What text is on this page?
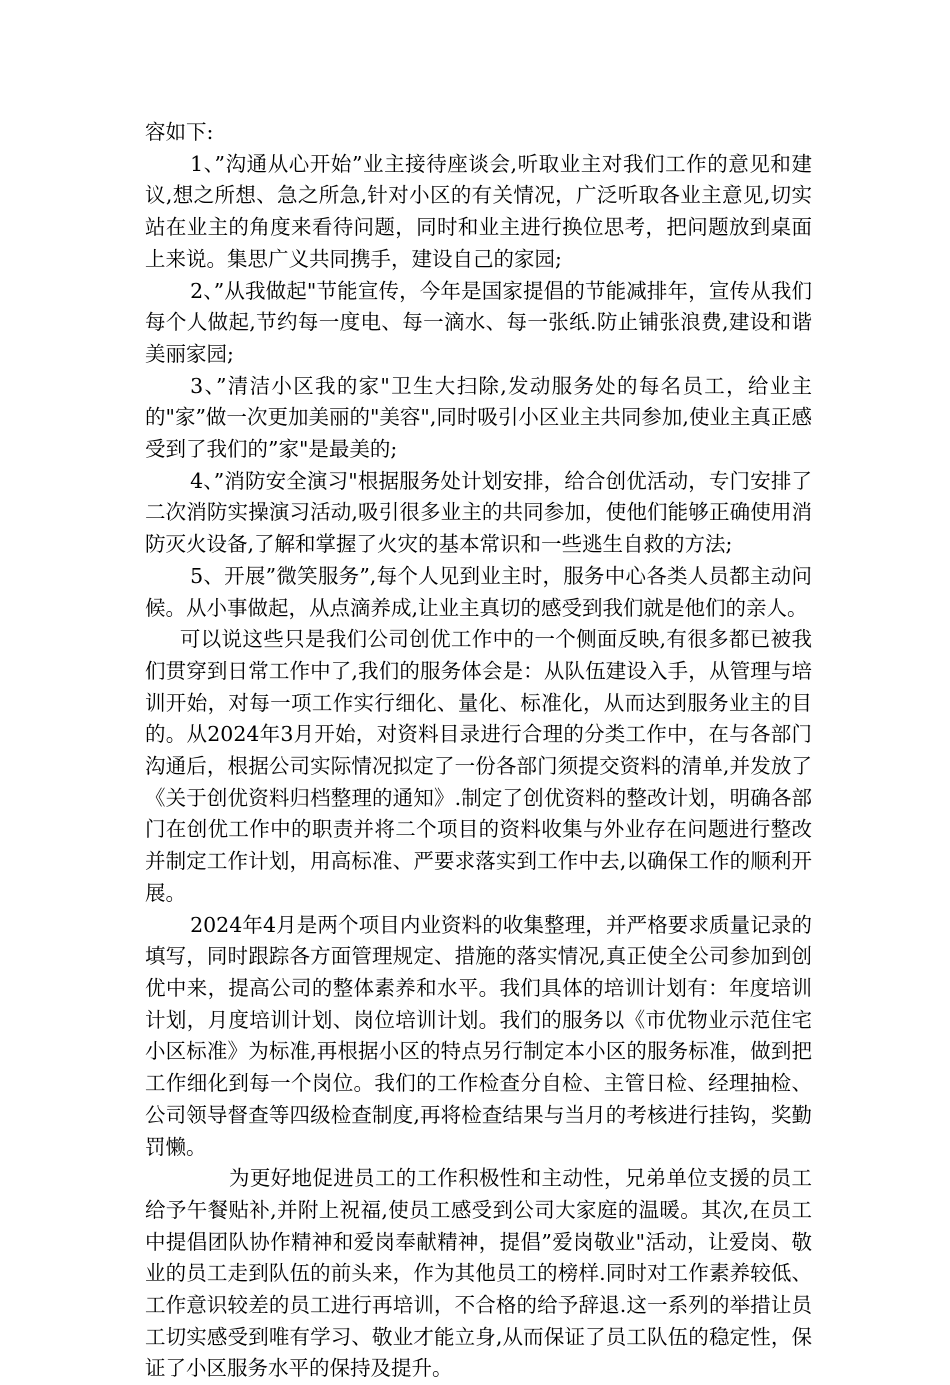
容如下:

1、”沟通从心开始”业主接待座谈会,听取业主对我们工作的意见和建议,想之所想、急之所急,针对小区的有关情况，广泛听取各业主意见,切实站在业主的角度来看待问题，同时和业主进行换位思考，把问题放到桌面上来说。集思广义共同携手，建设自己的家园;

2、”从我做起"节能宣传，今年是国家提倡的节能减排年，宣传从我们每个人做起,节约每一度电、每一滴水、每一张纸.防止铺张浪费,建设和谐美丽家园;

3、”清洁小区我的家"卫生大扫除,发动服务处的每名员工，给业主的"家”做一次更加美丽的"美容",同时吸引小区业主共同参加,使业主真正感受到了我们的”家"是最美的;

4、”消防安全演习"根据服务处计划安排，给合创优活动，专门安排了二次消防实操演习活动,吸引很多业主的共同参加，使他们能够正确使用消防灭火设备,了解和掌握了火灾的基本常识和一些逃生自救的方法;

5、开展”微笑服务”,每个人见到业主时，服务中心各类人员都主动问候。从小事做起，从点滴养成,让业主真切的感受到我们就是他们的亲人。

可以说这些只是我们公司创优工作中的一个侧面反映,有很多都已被我们贯穿到日常工作中了,我们的服务体会是：从队伍建设入手，从管理与培训开始，对每一项工作实行细化、量化、标准化，从而达到服务业主的目的。从2024年3月开始，对资料目录进行合理的分类工作中，在与各部门沟通后，根据公司实际情况拟定了一份各部门须提交资料的清单,并发放了《关于创优资料归档整理的通知》.制定了创优资料的整改计划，明确各部门在创优工作中的职责并将二个项目的资料收集与外业存在问题进行整改并制定工作计划，用高标准、严要求落实到工作中去,以确保工作的顺利开展。

2024年4月是两个项目内业资料的收集整理，并严格要求质量记录的填写，同时跟踪各方面管理规定、措施的落实情况,真正使全公司参加到创优中来，提高公司的整体素养和水平。我们具体的培训计划有：年度培训计划，月度培训计划、岗位培训计划。我们的服务以《市优物业示范住宅小区标准》为标准,再根据小区的特点另行制定本小区的服务标准，做到把工作细化到每一个岗位。我们的工作检查分自检、主管日检、经理抽检、公司领导督查等四级检查制度,再将检查结果与当月的考核进行挂钩，奖勤罚懒。

为更好地促进员工的工作积极性和主动性，兄弟单位支援的员工给予午餐贴补,并附上祝福,使员工感受到公司大家庭的温暖。其次,在员工中提倡团队协作精神和爱岗奉献精神，提倡”爱岗敬业"活动，让爱岗、敬业的员工走到队伍的前头来，作为其他员工的榜样.同时对工作素养较低、工作意识较差的员工进行再培训，不合格的给予辞退.这一系列的举措让员工切实感受到唯有学习、敬业才能立身,从而保证了员工队伍的稳定性，保证了小区服务水平的保持及提升。
